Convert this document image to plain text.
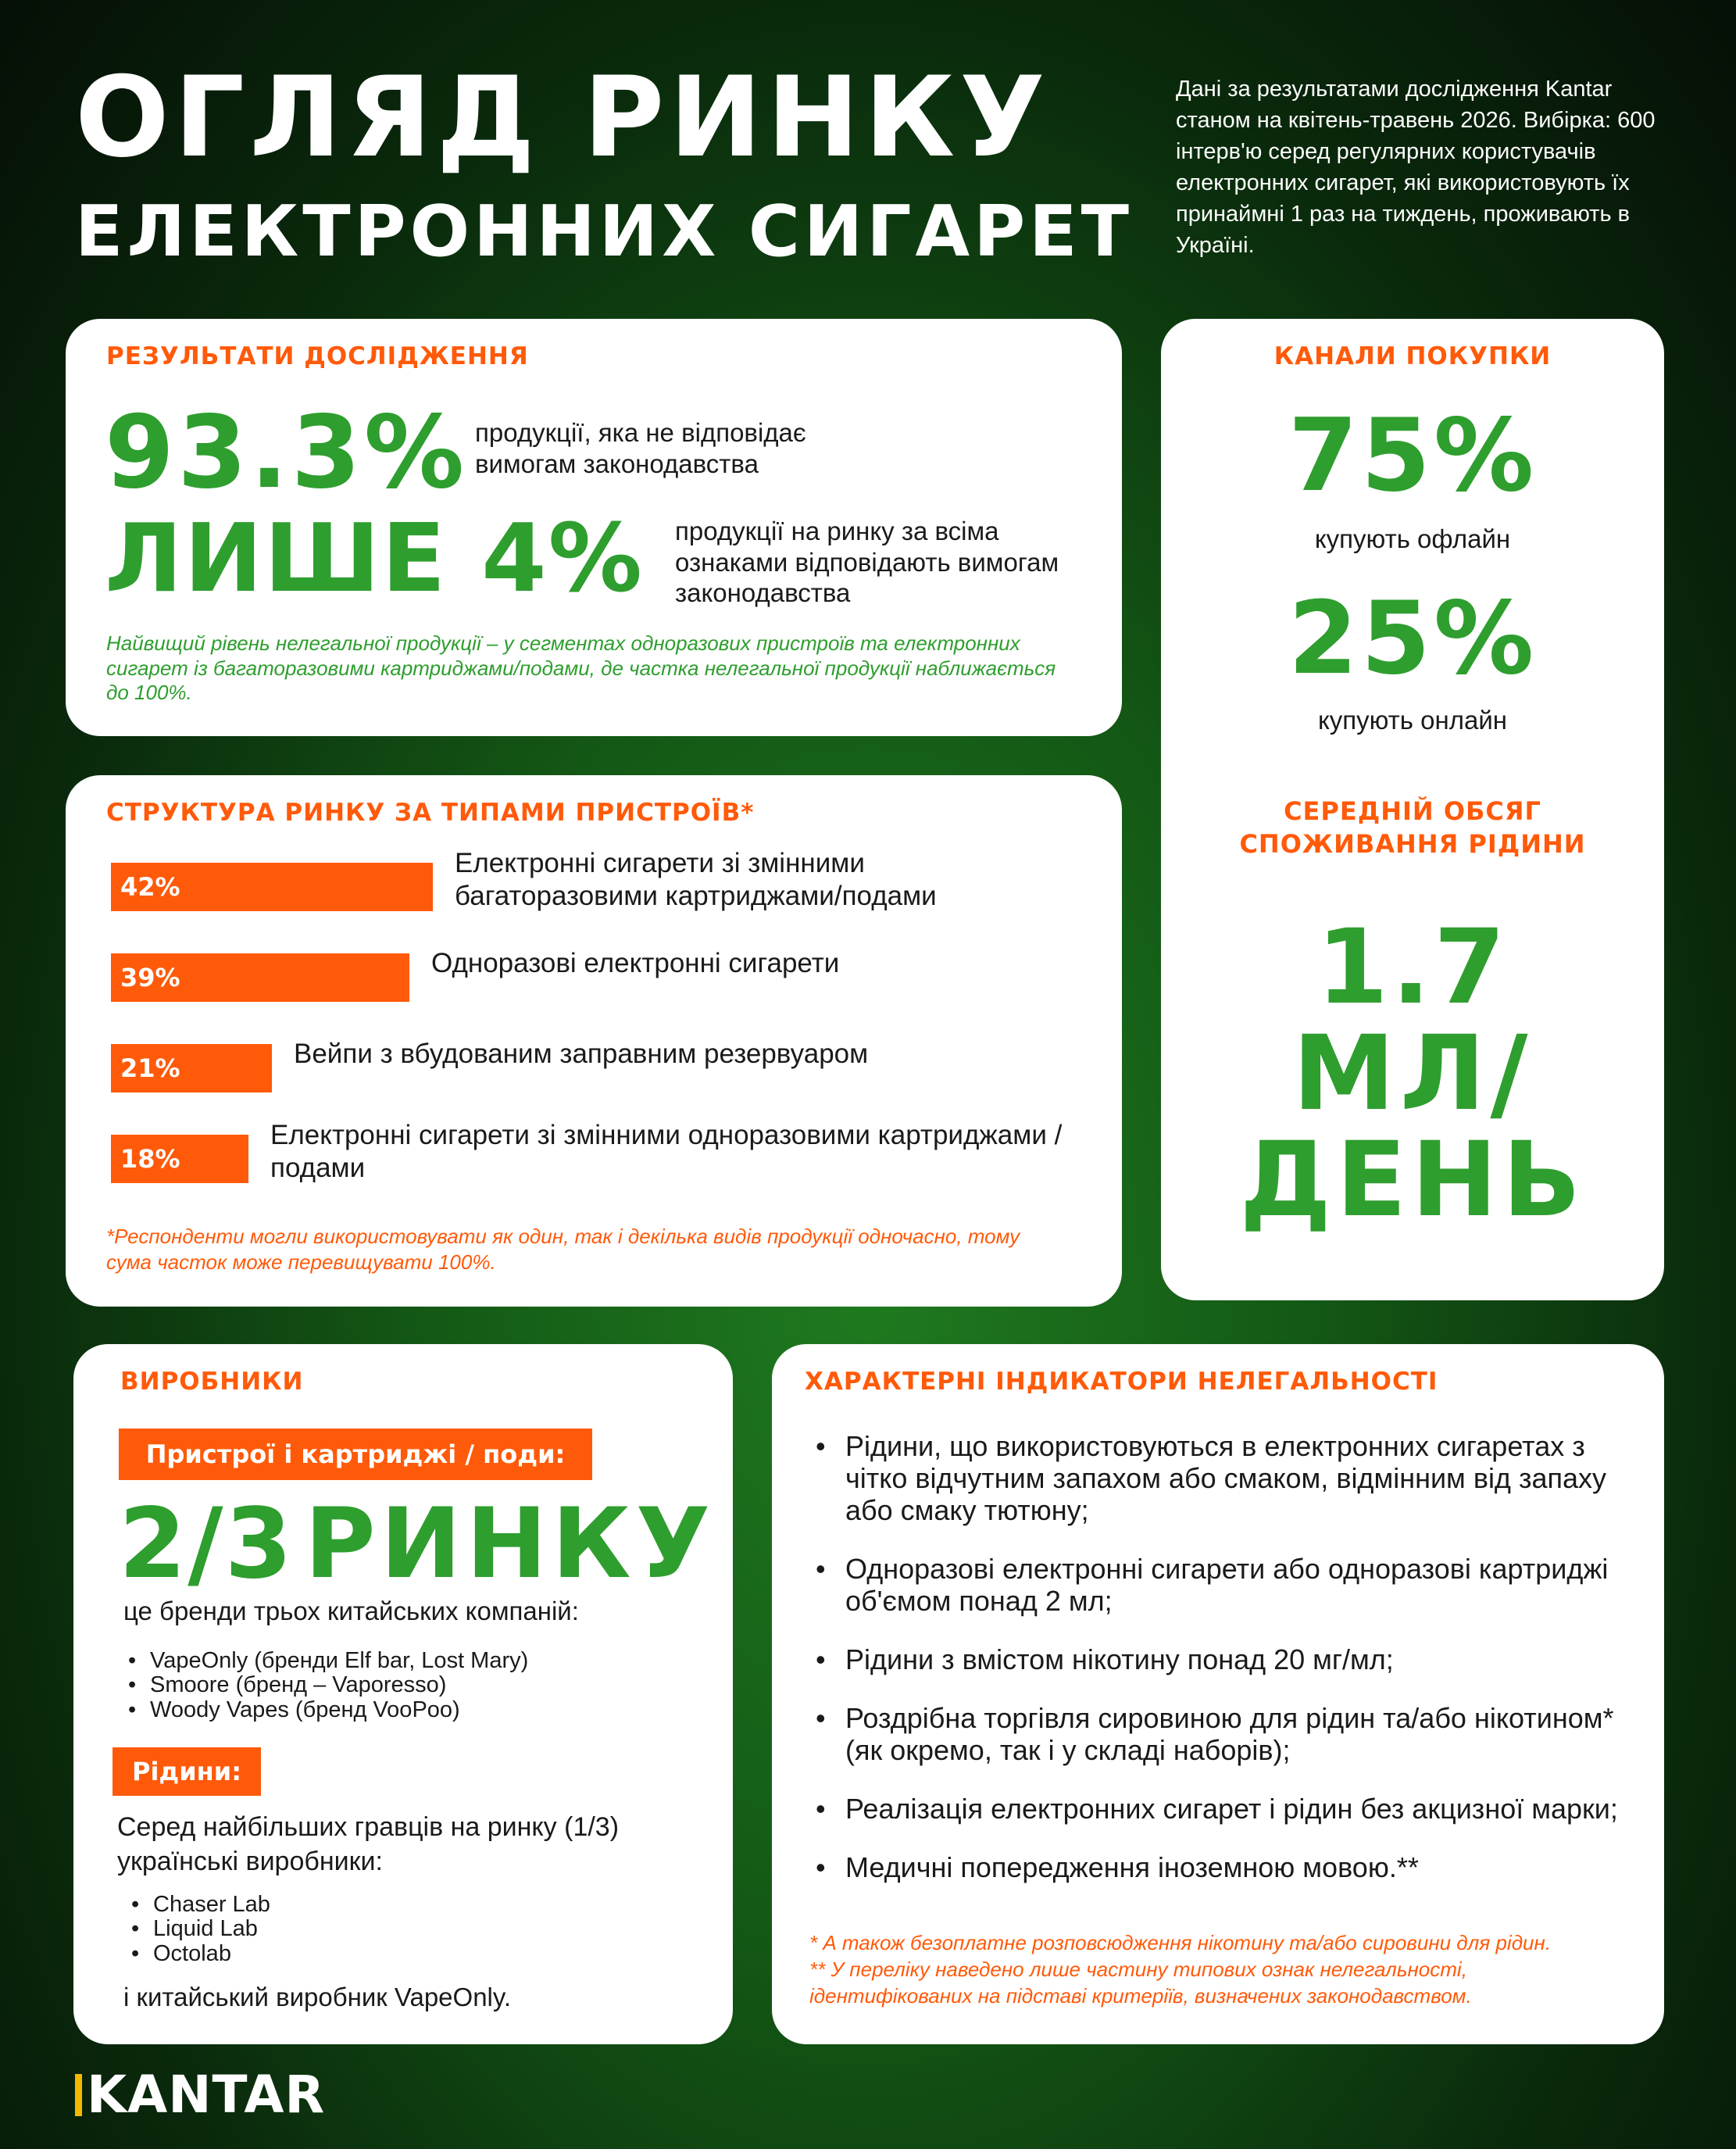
ОГЛЯД РИНКУ
ЕЛЕКТРОННИХ СИГАРЕТ

Дані за результатами дослідження Kantar станом на квітень-травень 2026. Вибірка: 600 інтерв'ю серед регулярних користувачів електронних сигарет, які використовують їх принаймні 1 раз на тиждень, проживають в Україні.

РЕЗУЛЬТАТИ ДОСЛІДЖЕННЯ
93.3% продукції, яка не відповідає вимогам законодавства

ЛИШЕ 4% продукції на ринку за всіма ознаками відповідають вимогам законодавства

Найвищий рівень нелегальної продукції – у сегментах одноразових пристроїв та електронних сигарет із багаторазовими картриджами/подами, де частка нелегальної продукції наближається до 100%.

КАНАЛИ ПОКУПКИ
75%

купують офлайн

25%

купують онлайн

СЕРЕДНІЙ ОБСЯГ СПОЖИВАННЯ РІДИНИ
1.7
МЛ/
ДЕНЬ
СТРУКТУРА РИНКУ ЗА ТИПАМИ ПРИСТРОЇВ*
42%

Електронні сигарети зі змінними багаторазовими картриджами/подами

39%	Одноразові електронні сигарети

21%	Вейпи з вбудованим заправним резервуаром

18%

Електронні сигарети зі змінними одноразовими картриджами / подами

*Респонденти могли використовувати як один, так і декілька видів продукції одночасно, тому сума часток може перевищувати 100%.

ВИРОБНИКИ
Пристрої і картриджі / поди:
2/3 РИНКУ

це бренди трьох китайських компаній:

• VapeOnly (бренди Elf bar, Lost Mary)
• Smoore (бренд – Vaporesso)
• Woody Vapes (бренд VooPoo)
Рідини:

Серед найбільших гравців на ринку (1/3) українські виробники:

• Chaser Lab
• Liquid Lab
• Octolab

і китайський виробник VapeOnly.

ХАРАКТЕРНІ ІНДИКАТОРИ НЕЛЕГАЛЬНОСТІ
• Рідини, що використовуються в електронних сигаретах з чітко відчутним запахом або смаком, відмінним від запаху або смаку тютюну;
• Одноразові електронні сигарети або одноразові картриджі об'ємом понад 2 мл;
• Рідини з вмістом нікотину понад 20 мг/мл;
• Роздрібна торгівля сировиною для рідин та/або нікотином* (як окремо, так і у складі наборів);
• Реалізація електронних сигарет і рідин без акцизної марки;
• Медичні попередження іноземною мовою.**

* А також безоплатне розповсюдження нікотину та/або сировини для рідин.

** У переліку наведено лише частину типових ознак нелегальності, ідентифікованих на підставі критеріїв, визначених законодавством.

KANTAR
